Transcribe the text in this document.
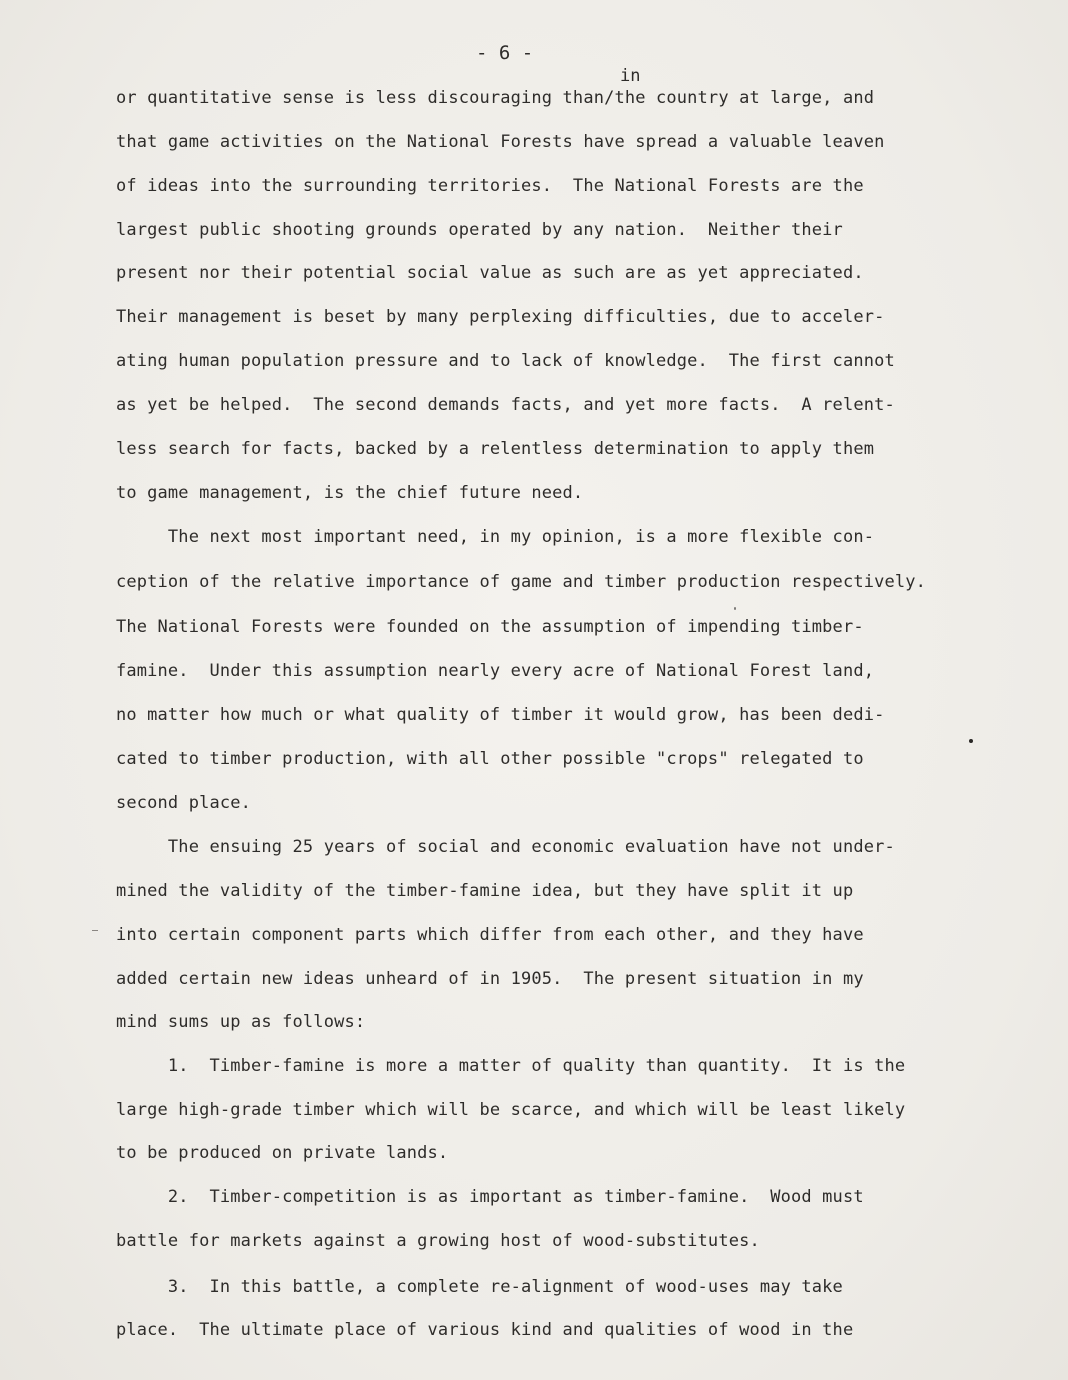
- 6 -
in
or quantitative sense is less discouraging than/the country at large, and
that game activities on the National Forests have spread a valuable leaven
of ideas into the surrounding territories.  The National Forests are the
largest public shooting grounds operated by any nation.  Neither their
present nor their potential social value as such are as yet appreciated.
Their management is beset by many perplexing difficulties, due to acceler-
ating human population pressure and to lack of knowledge.  The first cannot
as yet be helped.  The second demands facts, and yet more facts.  A relent-
less search for facts, backed by a relentless determination to apply them
to game management, is the chief future need.
The next most important need, in my opinion, is a more flexible con-
ception of the relative importance of game and timber production respectively.
The National Forests were founded on the assumption of impending timber-
famine.  Under this assumption nearly every acre of National Forest land,
no matter how much or what quality of timber it would grow, has been dedi-
cated to timber production, with all other possible "crops" relegated to
second place.
The ensuing 25 years of social and economic evaluation have not under-
mined the validity of the timber-famine idea, but they have split it up
into certain component parts which differ from each other, and they have
added certain new ideas unheard of in 1905.  The present situation in my
mind sums up as follows:
1.  Timber-famine is more a matter of quality than quantity.  It is the
large high-grade timber which will be scarce, and which will be least likely
to be produced on private lands.
2.  Timber-competition is as important as timber-famine.  Wood must
battle for markets against a growing host of wood-substitutes.
3.  In this battle, a complete re-alignment of wood-uses may take
place.  The ultimate place of various kind and qualities of wood in the
